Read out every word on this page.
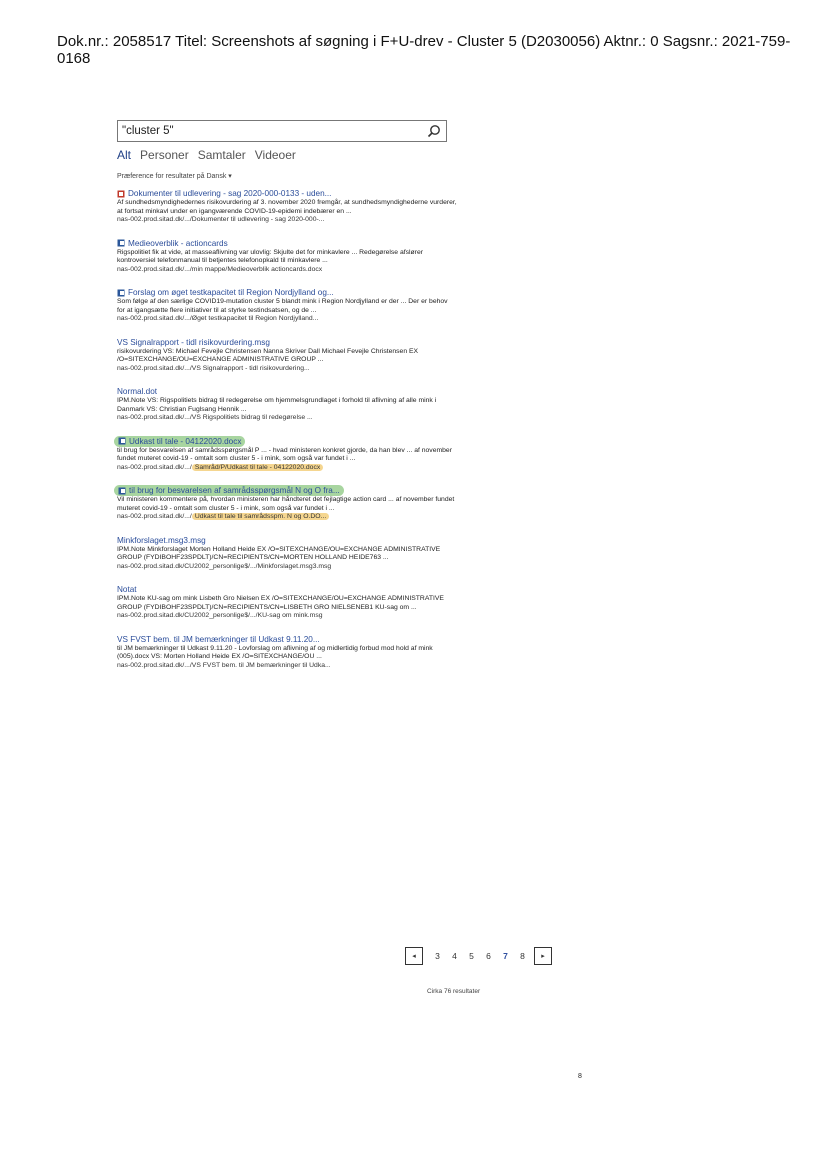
Dok.nr.: 2058517 Titel: Screenshots af søgning i F+U-drev - Cluster 5 (D2030056) Aktnr.: 0 Sagsnr.: 2021-759-0168
"cluster 5"
Alt Personer Samtaler Videoer
Præference for resultater på Dansk ▾
Dokumenter til udlevering - sag 2020-000-0133 - uden...
Af sundhedsmyndighedernes risikovurdering af 3. november 2020 fremgår, at sundhedsmyndighederne vurderer, at fortsat minkavl under en igangværende COVID-19-epidemi indebærer en ...
nas-002.prod.sitad.dk/.../Dokumenter til udlevering - sag 2020-000-...
Medieoverblik - actioncards
Rigspolitiet fik at vide, at masseaflivning var ulovlig: Skjulte det for minkavlere ... Redegørelse afslører kontroversiel telefonmanual til betjentes telefonopkald til minkavlere ...
nas-002.prod.sitad.dk/.../min mappe/Medieoverblik actioncards.docx
Forslag om øget testkapacitet til Region Nordjylland og...
Som følge af den særlige COVID19-mutation cluster 5 blandt mink i Region Nordjylland er der ... Der er behov for at igangsætte flere initiativer til at styrke testindsatsen, og de ...
nas-002.prod.sitad.dk/.../Øget testkapacitet til Region Nordjylland...
VS Signalrapport - tidl risikovurdering.msg
risikovurdering VS: Michael Fevejle Christensen Nanna Skriver Dall Michael Fevejle Christensen EX /O=SITEXCHANGE/OU=EXCHANGE ADMINISTRATIVE GROUP ...
nas-002.prod.sitad.dk/.../VS Signalrapport - tidl risikovurdering...
Normal.dot
IPM.Note VS: Rigspolitiets bidrag til redegørelse om hjemmelsgrundlaget i forhold til aflivning af alle mink i Danmark VS: Christian Fuglsang Hennik ...
nas-002.prod.sitad.dk/.../VS Rigspolitiets bidrag til redegørelse ...
Udkast til tale - 04122020.docx
til brug for besvarelsen af samrådsspørgsmål P ... - hvad ministeren konkret gjorde, da han blev ... af november fundet muteret covid-19 - omtalt som cluster 5 - i mink, som også var fundet i ...
nas-002.prod.sitad.dk/.../ Samråd/P/Udkast til tale - 04122020.docx
til brug for besvarelsen af samrådsspørgsmål N og O fra...
Vil ministeren kommentere på, hvordan ministeren har håndteret det fejlagtige action card ... af november fundet muteret covid-19 - omtalt som cluster 5 - i mink, som også var fundet i ...
nas-002.prod.sitad.dk/.../ Udkast til tale til samrådsspm. N og O.DO...
Minkforslaget.msg3.msg
IPM.Note Minkforslaget Morten Holland Heide EX /O=SITEXCHANGE/OU=EXCHANGE ADMINISTRATIVE GROUP (FYDIBOHF23SPDLT)/CN=RECIPIENTS/CN=MORTEN HOLLAND HEIDE763 ...
nas-002.prod.sitad.dk/CU2002_personlige$/.../Minkforslaget.msg3.msg
Notat
IPM.Note KU-sag om mink Lisbeth Gro Nielsen EX /O=SITEXCHANGE/OU=EXCHANGE ADMINISTRATIVE GROUP (FYDIBOHF23SPDLT)/CN=RECIPIENTS/CN=LISBETH GRO NIELSENEB1 KU-sag om ...
nas-002.prod.sitad.dk/CU2002_personlige$/.../KU-sag om mink.msg
VS FVST bem. til JM bemærkninger til Udkast 9.11.20...
til JM bemærkninger til Udkast 9.11.20 - Lovforslag om aflivning af og midlertidig forbud mod hold af mink (005).docx VS: Morten Holland Heide EX /O=SITEXCHANGE/OU ...
nas-002.prod.sitad.dk/.../VS FVST bem. til JM bemærkninger til Udka...
◂	3	4	5	6	7	8	▸
Cirka 76 resultater
8
